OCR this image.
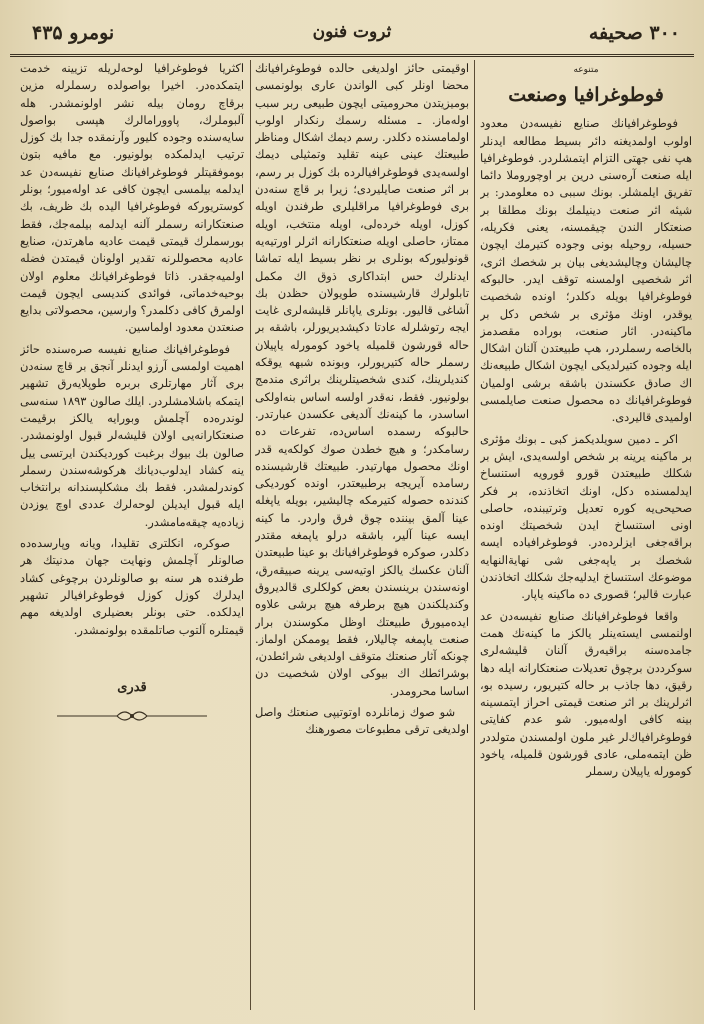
۳۰۰ صحیفه
ثروت فنون
نومرو ۴۳۵
متنوعه
فوطوغرافیا وصنعت

فوطوغرافیانك صنایع نفیسه‌دن معدود اولوب اولمدیغنه دائر بسیط مطالعه ایدنلر هپ نفی جهتی التزام ایتمشلردر. فوطوغرافیا ایله صنعت آره‌سنی درین بر اوچوروملا دائما تفریق ایلمشلر. بونك سببی ده معلومدر: بر شیئه اثر صنعت دینیلمك بونك مطلقا بر صنعتكار الندن چیقمسنه، یعنی فكریله، حسیله، روحیله بونی وجوده كتیرمك ایچون چالیشان وچالیشدیغی بیان بر شخصك اثری، اثر شخصیی اولمسنه توقف ایدر. حالبوكه فوطوغرافیا بویله دكلدر؛ اونده شخصیت یوقدر، اونك مؤثری بر شخص دكل بر ماكینه‌در. اثار صنعت، بوراده مقصدمز بالخاصه رسملردر، هپ طبیعتدن آلنان اشكال ایله وجوده كتیرلدیكی ایچون اشكال طبیعه‌نك اك صادق عكسندن باشقه برشی اولمیان فوطوغرافیانك ده محصول صنعت صایلمسی اولمیدی قالیردی.

اكر ـ دمین سویلدیكمز كبی ـ بونك مؤثری بر ماكینه یرینه بر شخص اولسه‌یدی، ایش بر شكلك طبیعتدن قورو قورویه استنساخ ایدلمسنده دكل، اونك اتخاذنده، بر فكر صحیحی‌یه كوره تعدیل وترتیبنده، حاصلی اونی استنساخ ایدن شخصیتك اونده براقه‌جغی ایزلرده‌در. فوطوغرافیاده ایسه شخصك بر یاپه‌جغی شی نهایة‌النهایه موضوعك استنساخ ایدلیه‌جك شكلك اتخاذندن عبارت قالیر؛ قصوری ده ماكینه یاپار.

واقعا فوطوغرافیانك صنایع نفیسه‌دن عد اولنمسی ایسته‌ینلر یالكز ما كینه‌نك همت جامده‌سنه براقیه‌رق آلنان قلیشه‌لری سوكرددن برچوق تعدیلات صنعتكارانه ایله دها رقیق، دها جاذب بر حاله كتیریور، رسیده بو، اثرلرینك بر اثر صنعت قیمتی احراز ایتمسینه بینه كافی اوله‌میور. شو عدم كفایتی فوطوغرافیاك‌لر غیر ملون اولمسندن متولددر ظن ایتمه‌ملی، عادی قورشون قلمیله، یاخود كومورله یاپیلان رسملر

اوقیمتی حائز اولدیغی حالده فوطوغرافیانك محضا اونلر كبی الواندن عاری بولونمسی بومیزیتدن محرومیتی ایچون طبیعی ربر سبب اوله‌ماز. ـ مسئله رسمك رنكدار اولوب اولمامسنده دكلدر. رسم دیمك اشكال ومناظر طبیعتك عینی عینه تقلید وتمثیلی دیمك اولسه‌یدی فوطوغرافیالرده بك كوزل بر رسم، بر اثر صنعت صایلیردی؛ زیرا بر قاچ سنه‌دن بری فوطوغرافیا مراقلیلری طرفندن اویله كوزل، اویله خرده‌لی، اویله منتخب، اویله ممتاز، حاصلی اویله صنعتكارانه اثرلر اورتیه‌یه قونولیوركه بونلری بر نظر بسیط ایله تماشا ایدنلرك حس ابتداكاری ذوق اك مكمل تابلولرك قارشیسنده طویولان حظدن بك آشاغی قالیور. بونلری یاپانلر قلیشه‌لری غایت ایجه رتوشلرله عادتا دكیشدیریورلر، باشقه بر حاله قورشون قلمیله یاخود كومورله یاپیلان رسملر حاله كتیریورلر، وبونده شبهه یوقكه كندیلرینك، كندی شخصیتلرینك براثری مندمج بولونیور. فقط، نه‌قدر اولسه اساس بنه‌اولكی اساسدر، ما كینه‌نك آلدیغی عكسدن عبارتدر. حالبوكه رسمده اساس‌ده، تفرعات ده رسامكدر؛ و هیچ خطدن صوك كولكه‌یه قدر اونك محصول مهارتیدر. طبیعتك قارشیسنده رسامده آیریجه برطبیعتدر، اونده كوردیكی كندنده حصوله كتیرمكه چالیشیر، بویله یاپغله عینا آلمق بیننده چوق فرق واردر. ما كینه ایسه عینا آلیر، باشقه درلو یاپمغه مقتدر دكلدر، صوكره فوطوغرافیانك بو عینا طبیعتدن آلنان عكسك یالكز اوتیه‌سی یرینه صییقه‌رق، اونه‌سندن برینسندن بعض كولكلری قالدیروق وكندیلكندن هیچ برطرفه هیچ برشی علاوه ایده‌میورق طبیعتك اوظل مكوسندن برار صنعت یاپمغه چالیلار، فقط یوممكن اولماز. چونكه آثار صنعتك متوقف اولدیغی شرائطدن، بوشرائطك اك بیوكی اولان شخصیت دن اساسا محرومدر.

شو صوك زمانلرده اوتوتیپی صنعتك واصل اولدیغی ترقی مطبوعات مصورهنك

اكثریا فوطوغرافیا لوحه‌لریله تزیینه خدمت ایتمكده‌در. اخیرا بواصولده رسملرله مزین برقاچ رومان بیله نشر اولونمشدر. هله آلبوملرك، پاوورامالرك هپسی بواصول سایه‌سنده وجوده كلیور وآرنمقده جدا بك كوزل ترتیب ایدلمكده بولونیور. مع مافیه بتون بوموفقیتلر فوطوغرافیانك صنایع نفیسه‌دن عد ایدلمه بیلمسی ایچون كافی عد اوله‌میور؛ بونلر كوستریوركه فوطوغرافیا الیده بك ظریف، بك صنعتكارانه رسملر آلنه ایدلمه بیلمه‌جك، فقط بورسملرك قیمتی قیمت عادیه ماهرتدن، صنایع عادیه محصوللرنه تقدیر اولونان قیمتدن فضله اولمیه‌جقدر. ذاتا فوطوغرافیانك معلوم اولان بوحیه‌خدماتی، فوائدی كندیسی ایچون قیمت اولمرق كافی دكلمدر؟ وارسین، محصولاتی بدایع صنعتدن معدود اولماسین.

فوطوغرافیانك صنایع نفیسه صره‌سنده حائز اهمیت اولمسی آرزو ایدنلر آنجق بر قاچ سنه‌دن بری آثار مهارتلری بربره طوپلایه‌رق تشهیر ایتمكه باشلامشلردر. ایلك صالون ۱۸۹۳ سنه‌سی لوندره‌ده آچلمش وبورایه یالكز برقیمت صنعتكارانه‌یی اولان قلیشه‌لر قبول اولونمشدر. صالون بك بیوك برغبت كوردیكندن ایرتسی ییل ینه كشاد ایدلوب‌دیانك هركوشه‌سندن رسملر كوندرلمشدر. فقط بك مشكلپسندانه برانتخاب ایله قبول ایدیلن لوحه‌لرك عددی اوچ یوزدن زیاده‌یه چیقه‌مامشدر.

صوكره، انكلتری تقلیدا، ویانه وپارسده‌ده صالونلر آچلمش ونهایت جهان مدنیتك هر طرفنده هر سنه بو صالونلردن برچوغی كشاد ایدلرك كوزل كوزل فوطوغرافیالر تشهیر ایدلكده. حتی بونلر بعضیلری اولدیغه مهم قیمتلره آلتوب صاتلمقده بولونمشدر.

قدری
